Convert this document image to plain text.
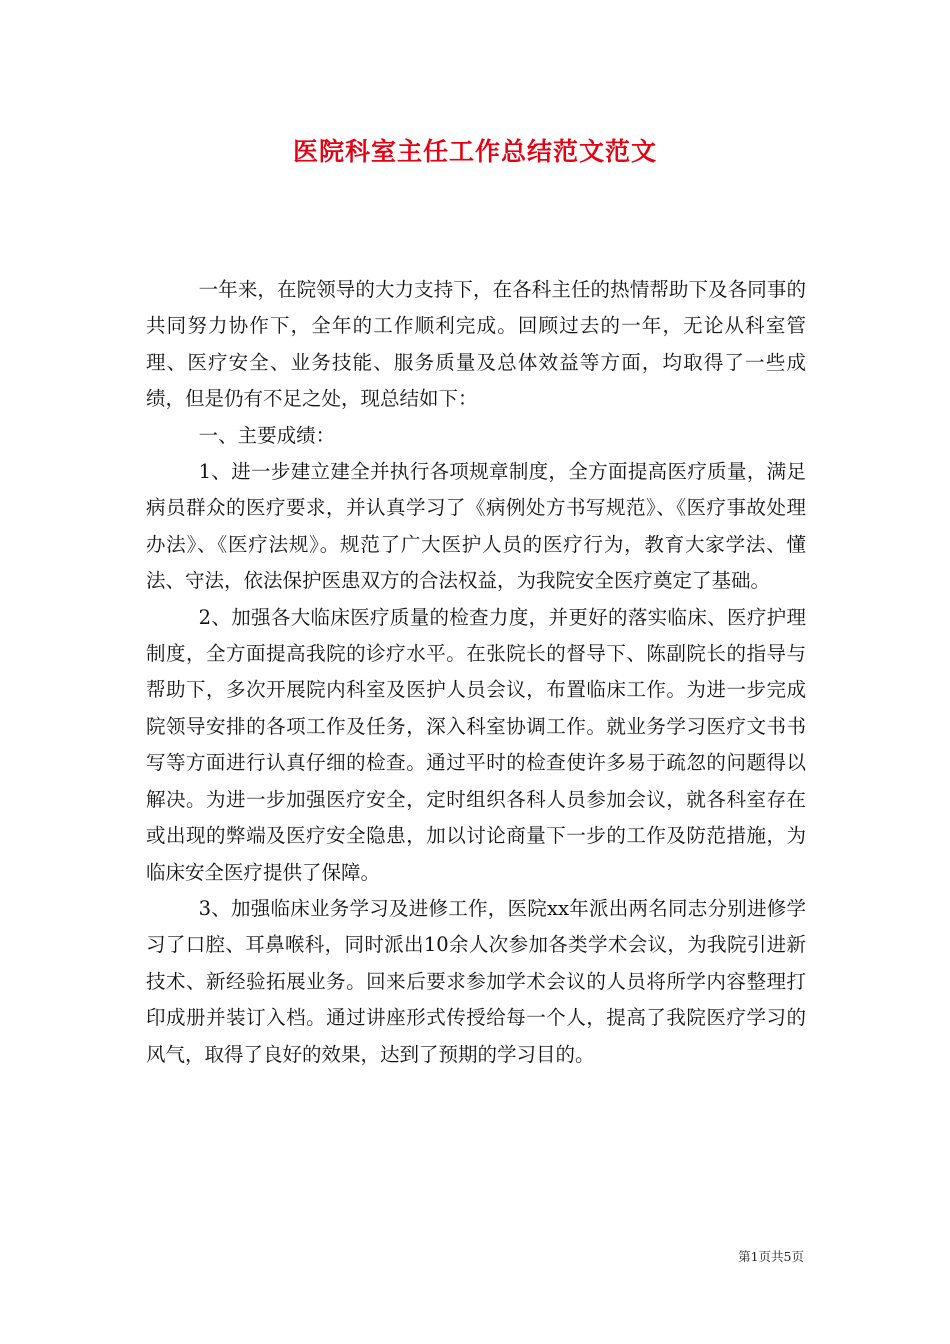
医院科室主任工作总结范文范文

一年来，在院领导的大力支持下，在各科主任的热情帮助下及各同事的共同努力协作下，全年的工作顺利完成。回顾过去的一年，无论从科室管理、医疗安全、业务技能、服务质量及总体效益等方面，均取得了一些成绩，但是仍有不足之处，现总结如下：

一、主要成绩：

1、进一步建立建全并执行各项规章制度，全方面提高医疗质量，满足病员群众的医疗要求，并认真学习了《病例处方书写规范》、《医疗事故处理办法》、《医疗法规》。规范了广大医护人员的医疗行为，教育大家学法、懂法、守法，依法保护医患双方的合法权益，为我院安全医疗奠定了基础。

2、加强各大临床医疗质量的检查力度，并更好的落实临床、医疗护理制度，全方面提高我院的诊疗水平。在张院长的督导下、陈副院长的指导与帮助下，多次开展院内科室及医护人员会议，布置临床工作。为进一步完成院领导安排的各项工作及任务，深入科室协调工作。就业务学习医疗文书书写等方面进行认真仔细的检查。通过平时的检查使许多易于疏忽的问题得以解决。为进一步加强医疗安全，定时组织各科人员参加会议，就各科室存在或出现的弊端及医疗安全隐患，加以讨论商量下一步的工作及防范措施，为临床安全医疗提供了保障。

3、加强临床业务学习及进修工作，医院xx年派出两名同志分别进修学习了口腔、耳鼻喉科，同时派出10余人次参加各类学术会议，为我院引进新技术、新经验拓展业务。回来后要求参加学术会议的人员将所学内容整理打印成册并装订入档。通过讲座形式传授给每一个人，提高了我院医疗学习的风气，取得了良好的效果，达到了预期的学习目的。

第1页共5页
